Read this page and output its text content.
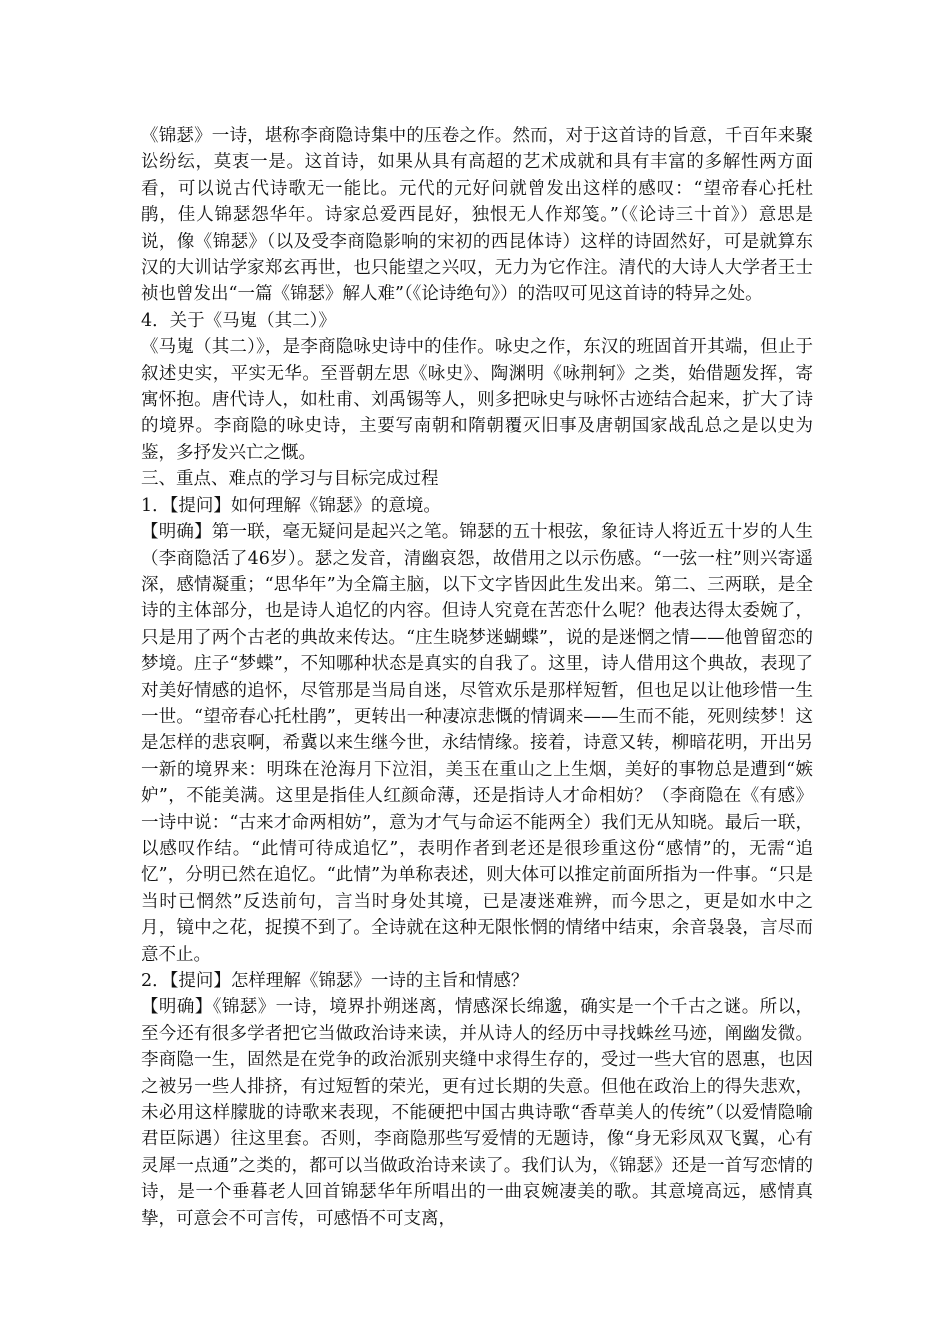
《锦瑟》一诗，堪称李商隐诗集中的压卷之作。然而，对于这首诗的旨意，千百年来聚讼纷纭，莫衷一是。这首诗，如果从具有高超的艺术成就和具有丰富的多解性两方面看，可以说古代诗歌无一能比。元代的元好问就曾发出这样的感叹：“望帝春心托杜鹃，佳人锦瑟怨华年。诗家总爱西昆好，独恨无人作郑笺。”（《论诗三十首》）意思是说，像《锦瑟》（以及受李商隐影响的宋初的西昆体诗）这样的诗固然好，可是就算东汉的大训诂学家郑玄再世，也只能望之兴叹，无力为它作注。清代的大诗人大学者王士祯也曾发出“一篇《锦瑟》解人难”（《论诗绝句》）的浩叹可见这首诗的特异之处。

4．关于《马嵬（其二）》

《马嵬（其二）》，是李商隐咏史诗中的佳作。咏史之作，东汉的班固首开其端，但止于叙述史实，平实无华。至晋朝左思《咏史》、陶渊明《咏荆轲》之类，始借题发挥，寄寓怀抱。唐代诗人，如杜甫、刘禹锡等人，则多把咏史与咏怀古迹结合起来，扩大了诗的境界。李商隐的咏史诗，主要写南朝和隋朝覆灭旧事及唐朝国家战乱总之是以史为鉴，多抒发兴亡之慨。

三、重点、难点的学习与目标完成过程

1．【提问】如何理解《锦瑟》的意境。

【明确】第一联，毫无疑问是起兴之笔。锦瑟的五十根弦，象征诗人将近五十岁的人生（李商隐活了46岁）。瑟之发音，清幽哀怨，故借用之以示伤感。“一弦一柱”则兴寄遥深，感情凝重；“思华年”为全篇主脑，以下文字皆因此生发出来。第二、三两联，是全诗的主体部分，也是诗人追忆的内容。但诗人究竟在苦恋什么呢？他表达得太委婉了，只是用了两个古老的典故来传达。“庄生晓梦迷蝴蝶”，说的是迷惘之情——他曾留恋的梦境。庄子“梦蝶”，不知哪种状态是真实的自我了。这里，诗人借用这个典故，表现了对美好情感的追怀，尽管那是当局自迷，尽管欢乐是那样短暂，但也足以让他珍惜一生一世。“望帝春心托杜鹃”，更转出一种凄凉悲慨的情调来——生而不能，死则续梦！这是怎样的悲哀啊，希冀以来生继今世，永结情缘。接着，诗意又转，柳暗花明，开出另一新的境界来：明珠在沧海月下泣泪，美玉在重山之上生烟，美好的事物总是遭到“嫉妒”，不能美满。这里是指佳人红颜命薄，还是指诗人才命相妨？（李商隐在《有感》一诗中说：“古来才命两相妨”，意为才气与命运不能两全）我们无从知晓。最后一联，以感叹作结。“此情可待成追忆”，表明作者到老还是很珍重这份“感情”的，无需“追忆”，分明已然在追忆。“此情”为单称表述，则大体可以推定前面所指为一件事。“只是当时已惘然”反迭前句，言当时身处其境，已是凄迷难辨，而今思之，更是如水中之月，镜中之花，捉摸不到了。全诗就在这种无限怅惘的情绪中结束，余音袅袅，言尽而意不止。

2．【提问】怎样理解《锦瑟》一诗的主旨和情感？

【明确】《锦瑟》一诗，境界扑朔迷离，情感深长绵邈，确实是一个千古之谜。所以，至今还有很多学者把它当做政治诗来读，并从诗人的经历中寻找蛛丝马迹，阐幽发微。李商隐一生，固然是在党争的政治派别夹缝中求得生存的，受过一些大官的恩惠，也因之被另一些人排挤，有过短暂的荣光，更有过长期的失意。但他在政治上的得失悲欢，未必用这样朦胧的诗歌来表现，不能硬把中国古典诗歌“香草美人的传统”（以爱情隐喻君臣际遇）往这里套。否则，李商隐那些写爱情的无题诗，像“身无彩凤双飞翼，心有灵犀一点通”之类的，都可以当做政治诗来读了。我们认为，《锦瑟》还是一首写恋情的诗，是一个垂暮老人回首锦瑟华年所唱出的一曲哀婉凄美的歌。其意境高远，感情真挚，可意会不可言传，可感悟不可支离，
